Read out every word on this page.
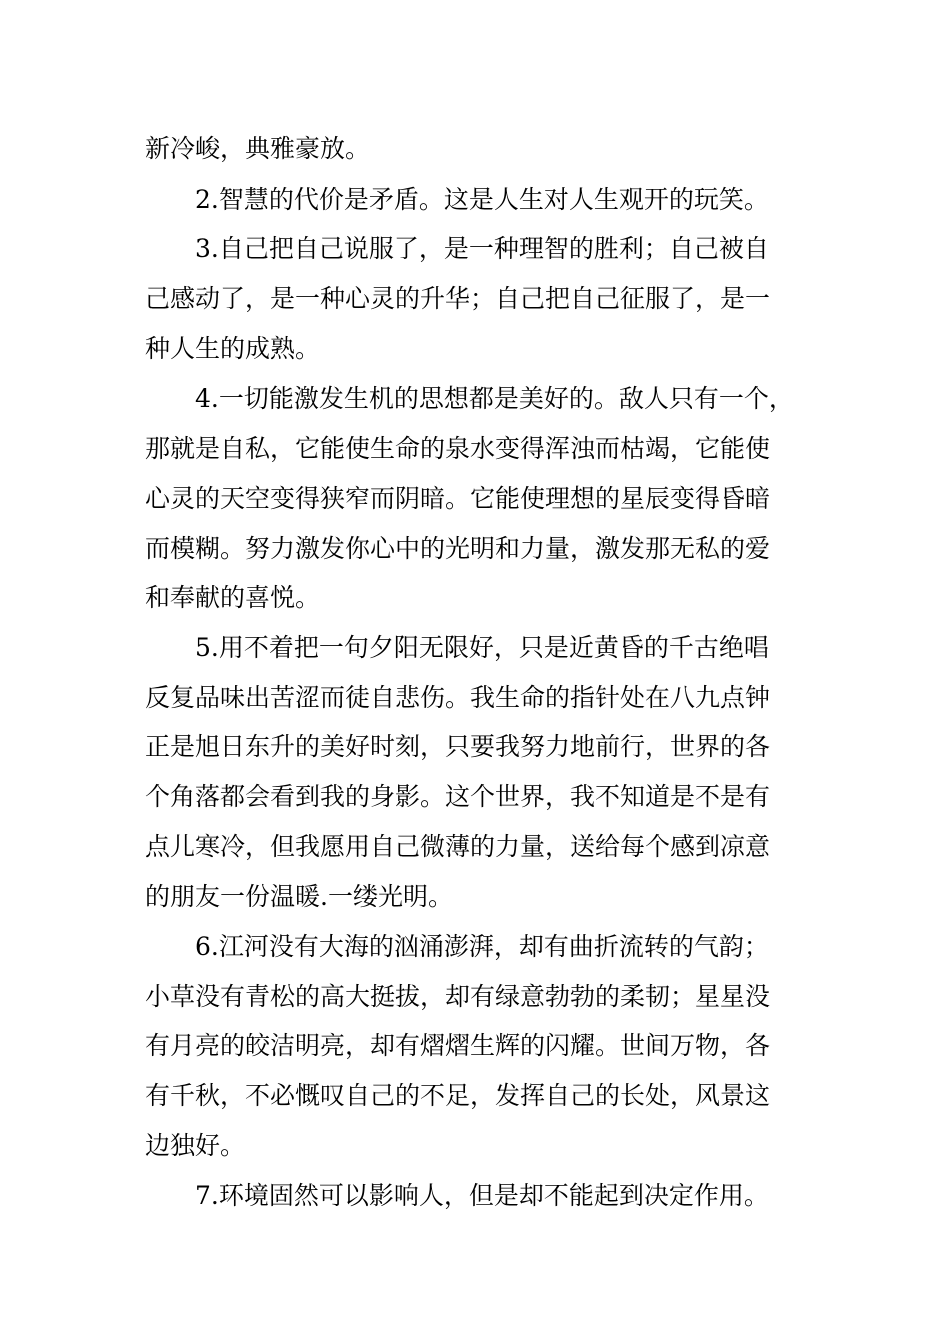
新冷峻，典雅豪放。
2.智慧的代价是矛盾。这是人生对人生观开的玩笑。
3.自己把自己说服了，是一种理智的胜利；自己被自
己感动了，是一种心灵的升华；自己把自己征服了，是一
种人生的成熟。
4.一切能激发生机的思想都是美好的。敌人只有一个，
那就是自私，它能使生命的泉水变得浑浊而枯竭，它能使
心灵的天空变得狭窄而阴暗。它能使理想的星辰变得昏暗
而模糊。努力激发你心中的光明和力量，激发那无私的爱
和奉献的喜悦。
5.用不着把一句夕阳无限好，只是近黄昏的千古绝唱
反复品味出苦涩而徒自悲伤。我生命的指针处在八九点钟
正是旭日东升的美好时刻，只要我努力地前行，世界的各
个角落都会看到我的身影。这个世界，我不知道是不是有
点儿寒冷，但我愿用自己微薄的力量，送给每个感到凉意
的朋友一份温暖.一缕光明。
6.江河没有大海的汹涌澎湃，却有曲折流转的气韵；
小草没有青松的高大挺拔，却有绿意勃勃的柔韧；星星没
有月亮的皎洁明亮，却有熠熠生辉的闪耀。世间万物，各
有千秋，不必慨叹自己的不足，发挥自己的长处，风景这
边独好。
7.环境固然可以影响人，但是却不能起到决定作用。
